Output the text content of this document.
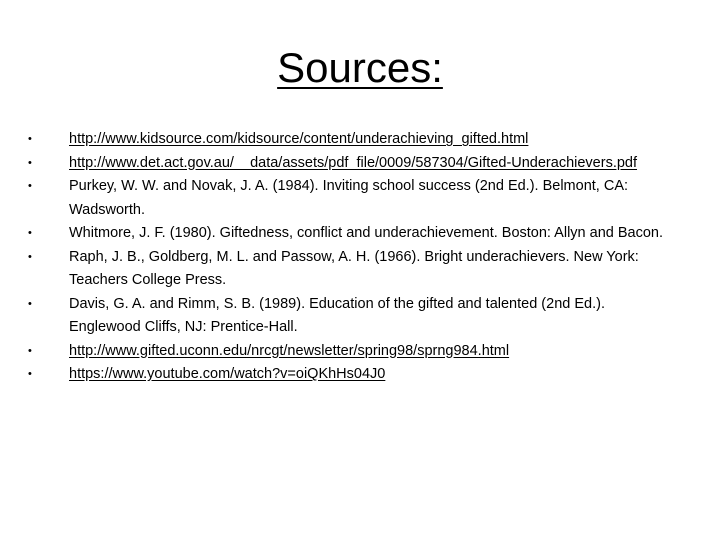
Sources:
•	http://www.kidsource.com/kidsource/content/underachieving_gifted.html
•	http://www.det.act.gov.au/__data/assets/pdf_file/0009/587304/Gifted-Underachievers.pdf
•	Purkey, W. W. and Novak, J. A. (1984). Inviting school success (2nd Ed.). Belmont, CA: Wadsworth.
•	Whitmore, J. F. (1980). Giftedness, conflict and underachievement. Boston: Allyn and Bacon.
•	Raph, J. B., Goldberg, M. L. and Passow, A. H. (1966). Bright underachievers. New York: Teachers College Press.
•	Davis, G. A. and Rimm, S. B. (1989). Education of the gifted and talented (2nd Ed.). Englewood Cliffs, NJ: Prentice-Hall.
•	http://www.gifted.uconn.edu/nrcgt/newsletter/spring98/sprng984.html
•	https://www.youtube.com/watch?v=oiQKhHs04J0
